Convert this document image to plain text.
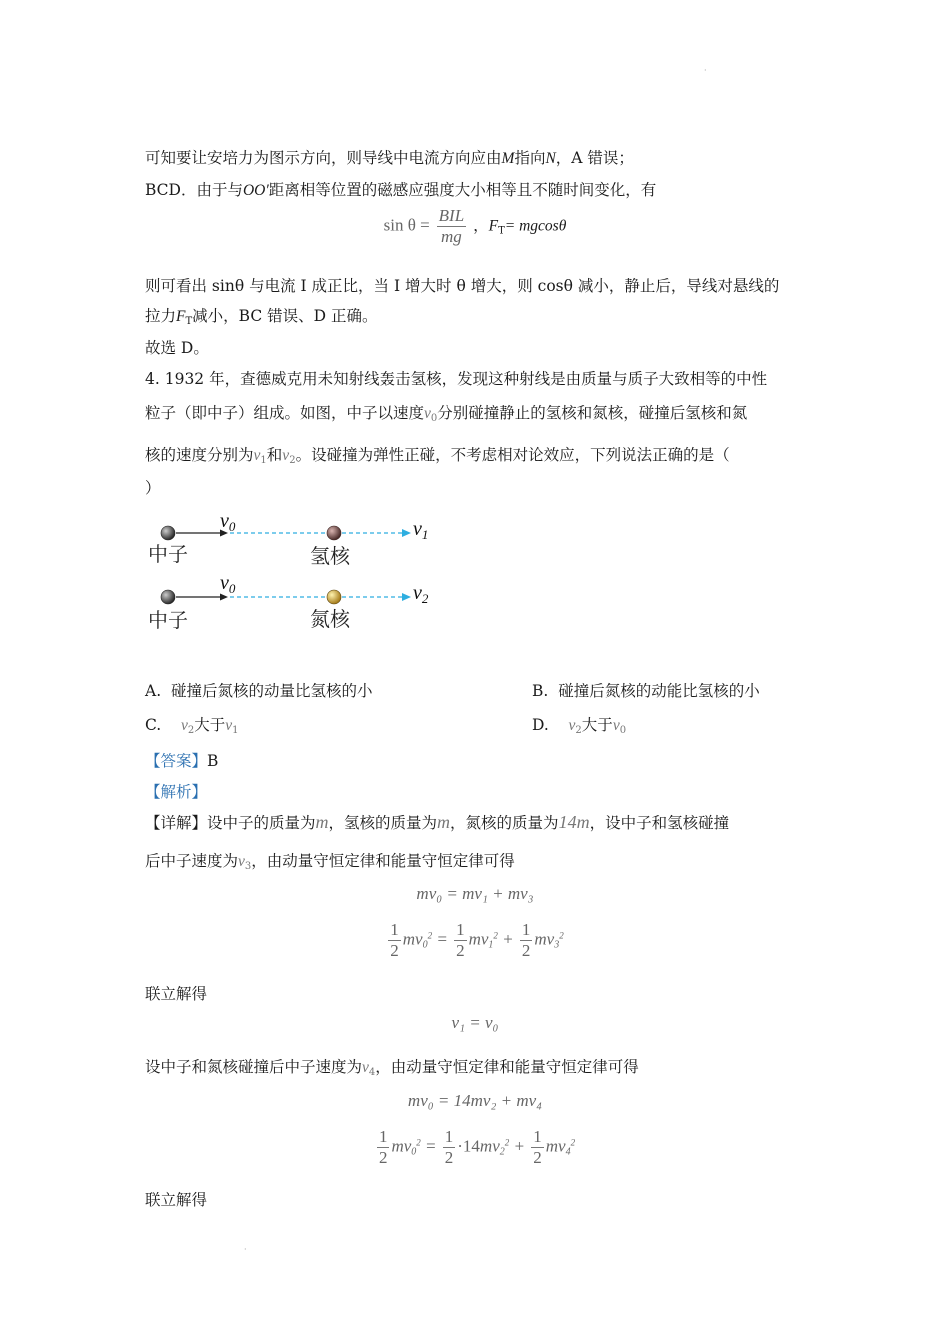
·
·
可知要让安培力为图示方向，则导线中电流方向应由M指向N，A 错误；
BCD．由于与OO′距离相等位置的磁感应强度大小相等且不随时间变化，有
$\sin \theta = \frac{\text{BIL}}{mg}$ ，$F_T= mgcos\theta$
则可看出 sinθ 与电流 I 成正比，当 I 增大时 θ 增大，则 cosθ 减小，静止后，导线对悬线的
拉力$F_T$减小，BC 错误、D 正确。
故选 D。
4. 1932 年，查德威克用未知射线轰击氢核，发现这种射线是由质量与质子大致相等的中性
粒子（即中子）组成。如图，中子以速度$v_0$分别碰撞静止的氢核和氮核，碰撞后氢核和氮
核的速度分别为$v_1$和$v_2$。设碰撞为弹性正碰，不考虑相对论效应，下列说法正确的是（
）
$v_0$	$v_1$
中子	氢核
$v_0$	$v_2$
中子	氮核
A. 碰撞后氮核的动量比氢核的小	B. 碰撞后氮核的动能比氢核的小
C. $v_2$大于$v_1$	D. $v_2$大于$v_0$
【答案】B
【解析】
【详解】设中子的质量为m，氢核的质量为m，氮核的质量为14m，设中子和氢核碰撞
后中子速度为$v_3$，由动量守恒定律和能量守恒定律可得
mv₀ = mv₁ + mv₃
$\frac{1}{2} mv_0^2 = \frac{1}{2} mv_1^2 + \frac{1}{2} mv_3^2$
联立解得
v₁ = v₀
设中子和氮核碰撞后中子速度为$v_4$，由动量守恒定律和能量守恒定律可得
mv₀ = 14mv₂ + mv₄
$\frac{1}{2} mv_0^2 = \frac{1}{2} \cdot 14mv_2^2 + \frac{1}{2} mv_4^2$
联立解得
